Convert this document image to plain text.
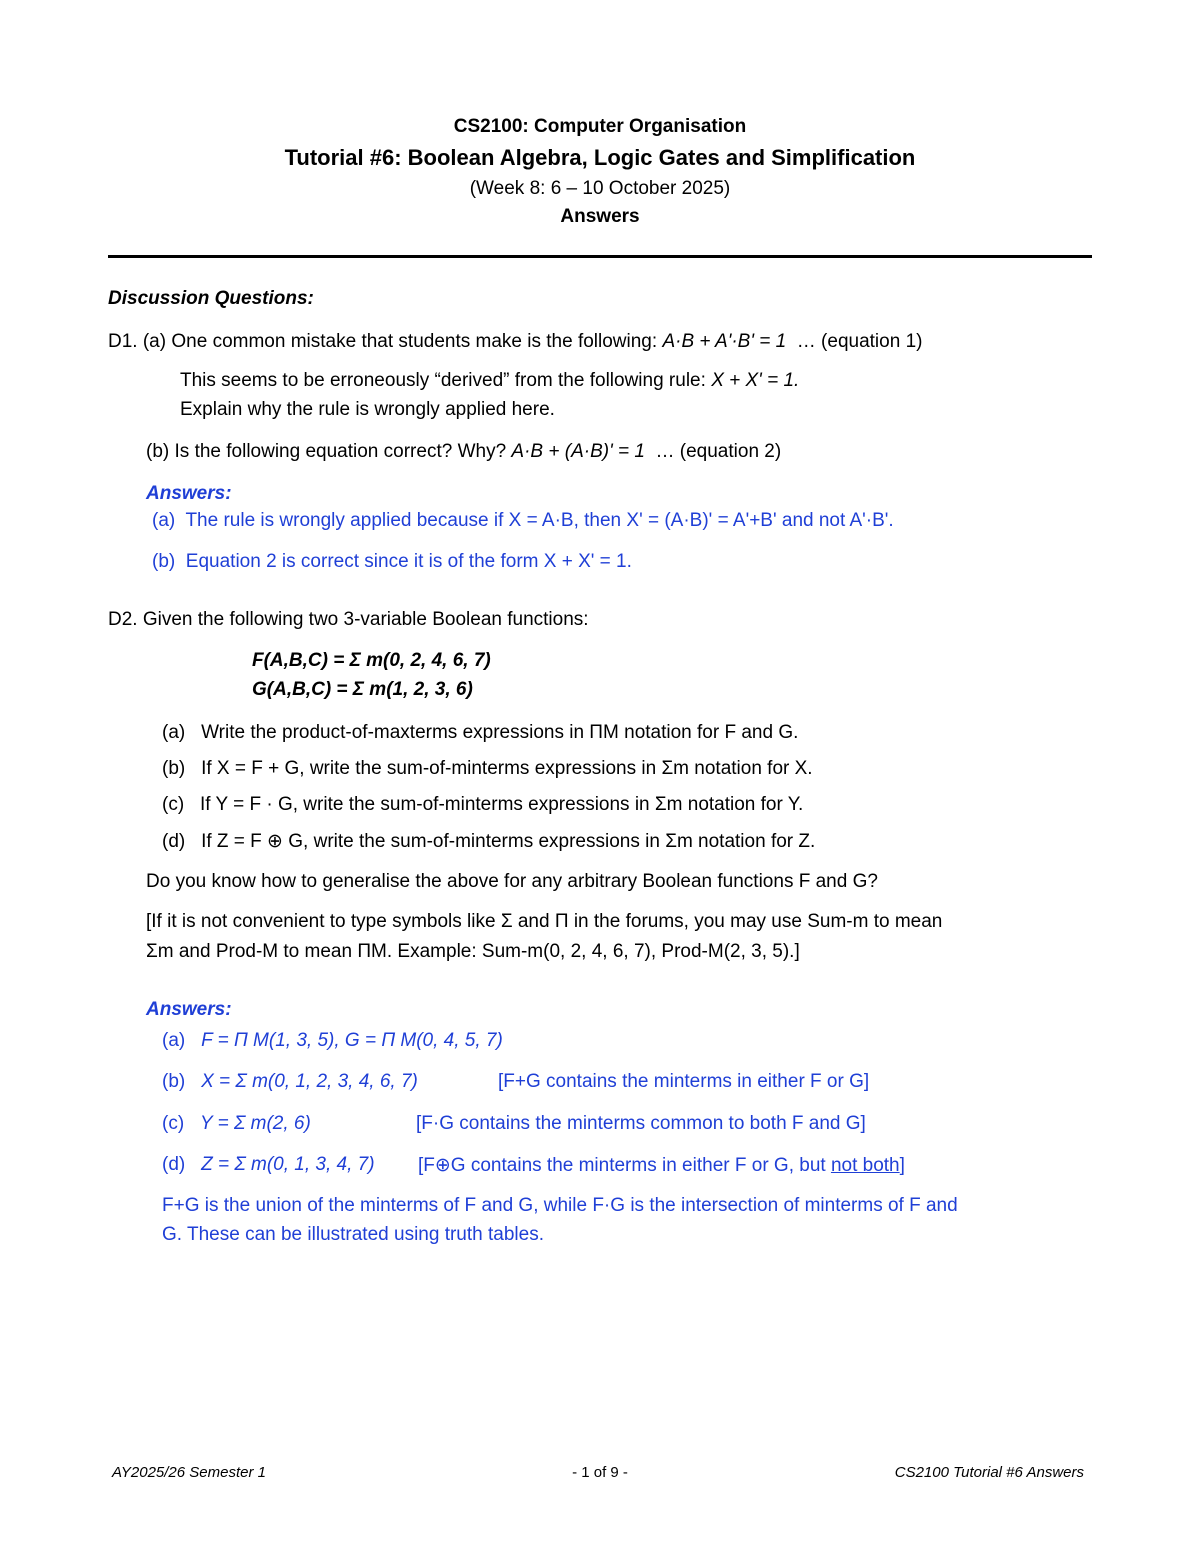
CS2100: Computer Organisation
Tutorial #6: Boolean Algebra, Logic Gates and Simplification
(Week 8: 6 – 10 October 2025)
Answers
Discussion Questions:
D1. (a) One common mistake that students make is the following: A·B + A'·B' = 1 … (equation 1)
This seems to be erroneously “derived” from the following rule: X + X' = 1.
Explain why the rule is wrongly applied here.
(b) Is the following equation correct? Why? A·B + (A·B)' = 1 … (equation 2)
Answers:
(a) The rule is wrongly applied because if X = A·B, then X' = (A·B)' = A'+B' and not A'·B'.
(b) Equation 2 is correct since it is of the form X + X' = 1.
D2. Given the following two 3-variable Boolean functions:
F(A,B,C) = Σ m(0, 2, 4, 6, 7)
G(A,B,C) = Σ m(1, 2, 3, 6)
(a) Write the product-of-maxterms expressions in ΠM notation for F and G.
(b) If X = F + G, write the sum-of-minterms expressions in Σm notation for X.
(c) If Y = F · G, write the sum-of-minterms expressions in Σm notation for Y.
(d) If Z = F ⊕ G, write the sum-of-minterms expressions in Σm notation for Z.
Do you know how to generalise the above for any arbitrary Boolean functions F and G?
[If it is not convenient to type symbols like Σ and Π in the forums, you may use Sum-m to mean
Σm and Prod-M to mean ΠM. Example: Sum-m(0, 2, 4, 6, 7), Prod-M(2, 3, 5).]
Answers:
(a) F = Π M(1, 3, 5), G = Π M(0, 4, 5, 7)
(b) X = Σ m(0, 1, 2, 3, 4, 6, 7)	[F+G contains the minterms in either F or G]
(c) Y = Σ m(2, 6)	[F·G contains the minterms common to both F and G]
(d) Z = Σ m(0, 1, 3, 4, 7) [F⊕G contains the minterms in either F or G, but not both]
F+G is the union of the minterms of F and G, while F·G is the intersection of minterms of F and
G. These can be illustrated using truth tables.
AY2025/26 Semester 1	- 1 of 9 -	CS2100 Tutorial #6 Answers
